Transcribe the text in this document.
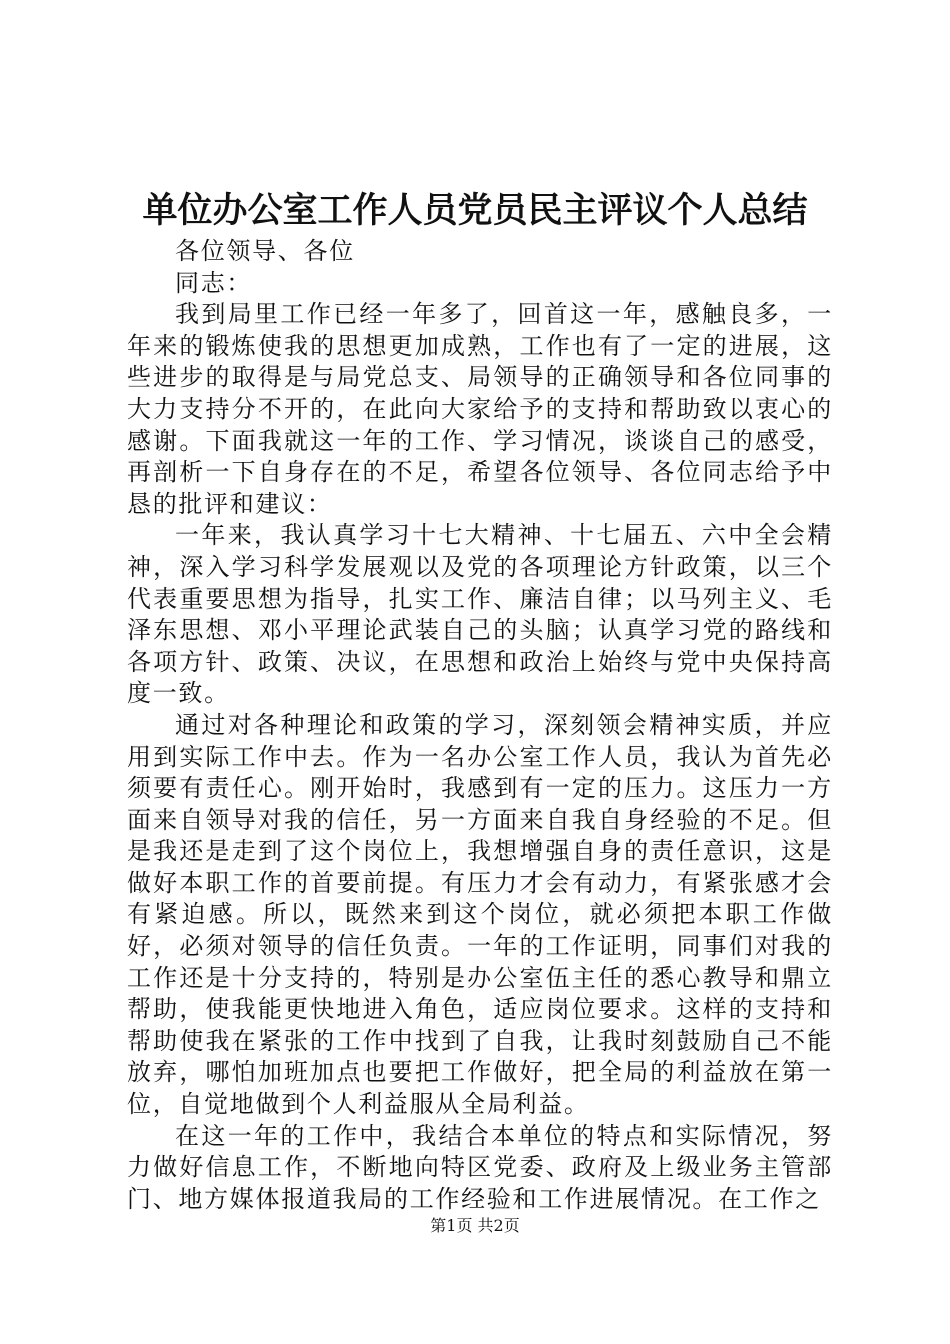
单位办公室工作人员党员民主评议个人总结

各位领导、各位

同志：

我到局里工作已经一年多了，回首这一年，感触良多，一年来的锻炼使我的思想更加成熟，工作也有了一定的进展，这些进步的取得是与局党总支、局领导的正确领导和各位同事的大力支持分不开的，在此向大家给予的支持和帮助致以衷心的感谢。下面我就这一年的工作、学习情况，谈谈自己的感受，再剖析一下自身存在的不足，希望各位领导、各位同志给予中恳的批评和建议：

一年来，我认真学习十七大精神、十七届五、六中全会精神，深入学习科学发展观以及党的各项理论方针政策，以三个代表重要思想为指导，扎实工作、廉洁自律；以马列主义、毛泽东思想、邓小平理论武装自己的头脑；认真学习党的路线和各项方针、政策、决议，在思想和政治上始终与党中央保持高度一致。

通过对各种理论和政策的学习，深刻领会精神实质，并应用到实际工作中去。作为一名办公室工作人员，我认为首先必须要有责任心。刚开始时，我感到有一定的压力。这压力一方面来自领导对我的信任，另一方面来自我自身经验的不足。但是我还是走到了这个岗位上，我想增强自身的责任意识，这是做好本职工作的首要前提。有压力才会有动力，有紧张感才会有紧迫感。所以，既然来到这个岗位，就必须把本职工作做好，必须对领导的信任负责。一年的工作证明，同事们对我的工作还是十分支持的，特别是办公室伍主任的悉心教导和鼎立帮助，使我能更快地进入角色，适应岗位要求。这样的支持和帮助使我在紧张的工作中找到了自我，让我时刻鼓励自己不能放弃，哪怕加班加点也要把工作做好，把全局的利益放在第一位，自觉地做到个人利益服从全局利益。

在这一年的工作中，我结合本单位的特点和实际情况，努力做好信息工作，不断地向特区党委、政府及上级业务主管部门、地方媒体报道我局的工作经验和工作进展情况。在工作之

第1页 共2页
